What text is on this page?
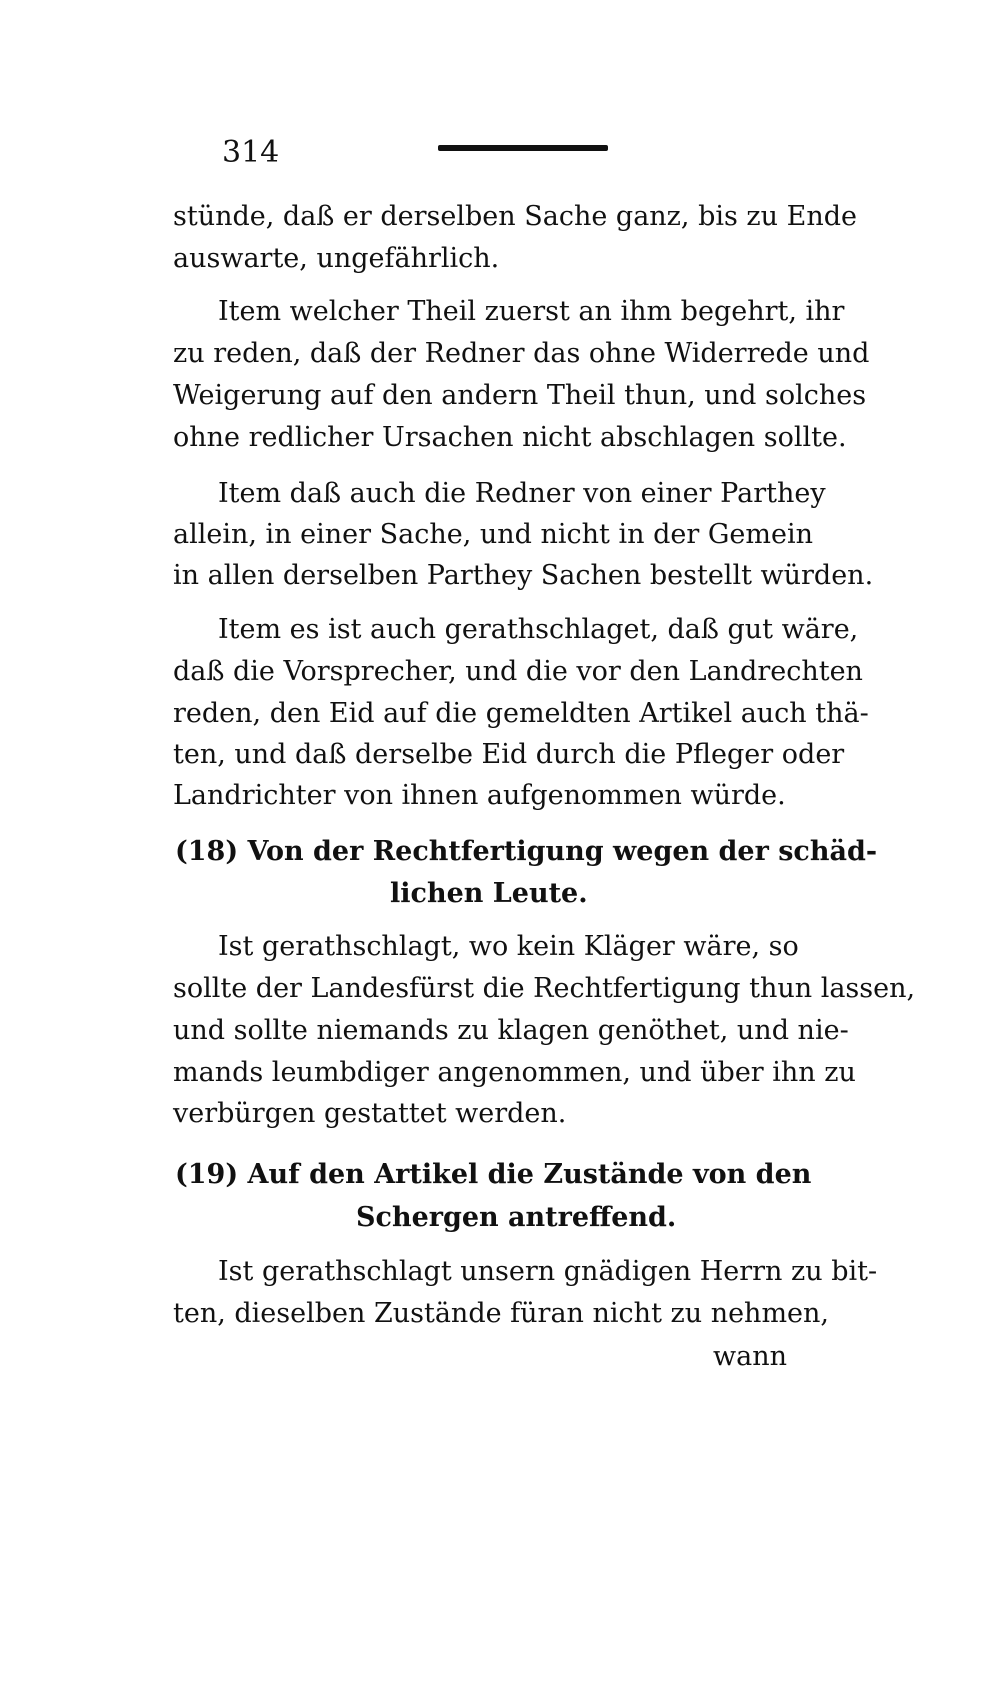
314
stünde, daß er derselben Sache ganz, bis zu Ende
auswarte, ungefährlich.
Item welcher Theil zuerst an ihm begehrt, ihr
zu reden, daß der Redner das ohne Widerrede und
Weigerung auf den andern Theil thun, und solches
ohne redlicher Ursachen nicht abschlagen sollte.
Item daß auch die Redner von einer Parthey
allein, in einer Sache, und nicht in der Gemein
in allen derselben Parthey Sachen bestellt würden.
Item es ist auch gerathschlaget, daß gut wäre,
daß die Vorsprecher, und die vor den Landrechten
reden, den Eid auf die gemeldten Artikel auch thä-
ten, und daß derselbe Eid durch die Pfleger oder
Landrichter von ihnen aufgenommen würde.
(18) Von der Rechtfertigung wegen der schäd-
lichen Leute.
Ist gerathschlagt, wo kein Kläger wäre, so
sollte der Landesfürst die Rechtfertigung thun lassen,
und sollte niemands zu klagen genöthet, und nie-
mands leumbdiger angenommen, und über ihn zu
verbürgen gestattet werden.
(19) Auf den Artikel die Zustände von den
Schergen antreffend.
Ist gerathschlagt unsern gnädigen Herrn zu bit-
ten, dieselben Zustände füran nicht zu nehmen,
wann
